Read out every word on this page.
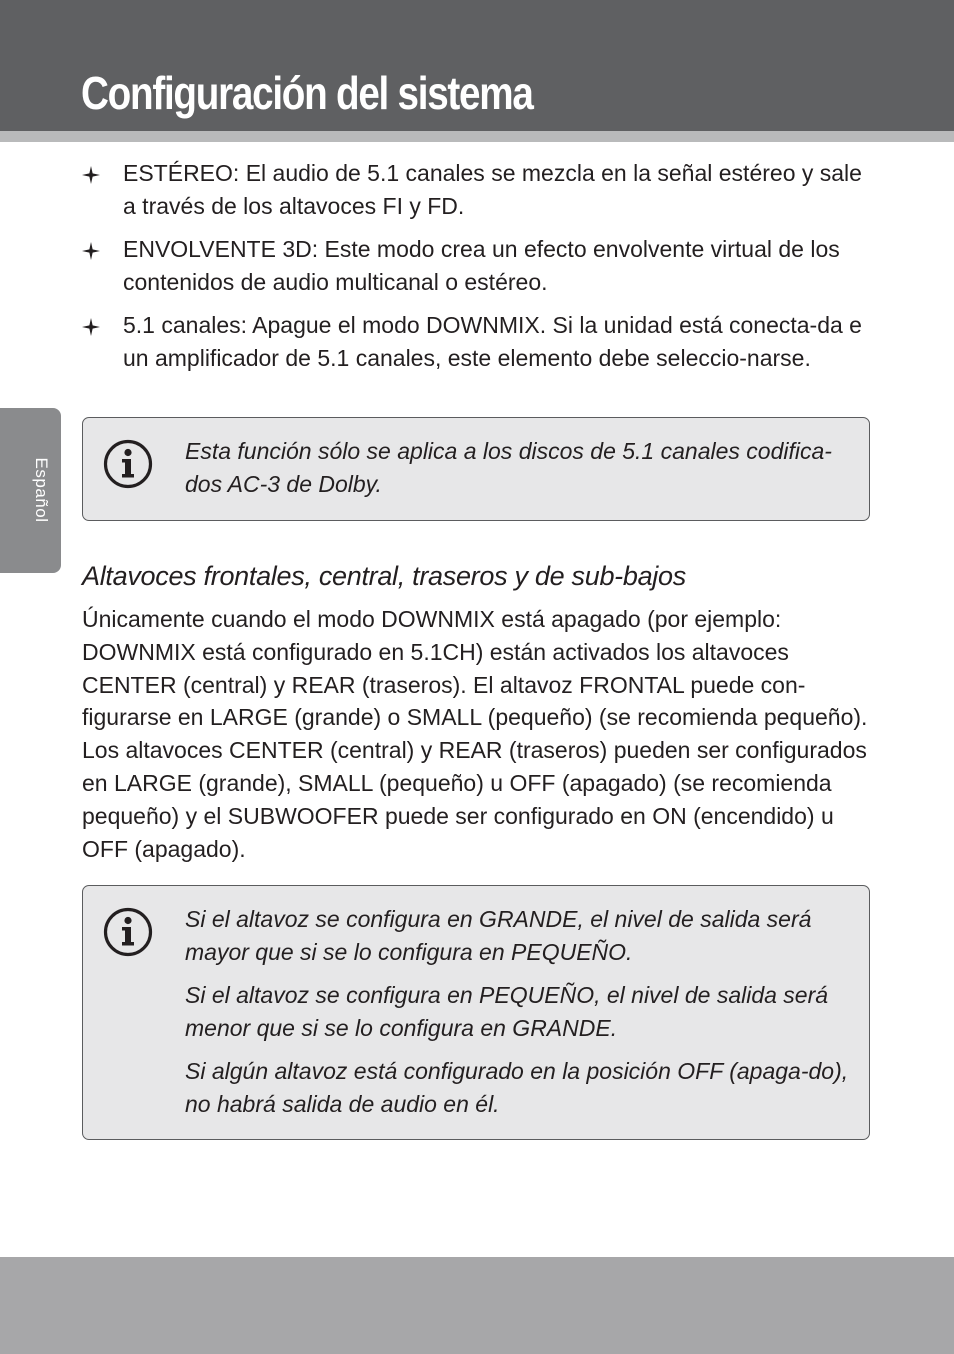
Configuración del sistema
Español
ESTÉREO: El audio de 5.1 canales se mezcla en la señal estéreo y sale a través de los altavoces FI y FD.
ENVOLVENTE 3D: Este modo crea un efecto envolvente virtual de los contenidos de audio multicanal o estéreo.
5.1 canales: Apague el modo DOWNMIX. Si la unidad está conecta-da e un amplificador de 5.1 canales, este elemento debe seleccio-narse.
Esta función sólo se aplica a los discos de 5.1 canales codifica-dos AC-3 de Dolby.
Altavoces frontales, central, traseros y de sub-bajos

Únicamente cuando el modo DOWNMIX está apagado (por ejemplo: DOWNMIX está configurado en 5.1CH) están activados los altavoces CENTER (central) y REAR (traseros). El altavoz FRONTAL puede con-figurarse en LARGE (grande) o SMALL (pequeño) (se recomienda pequeño). Los altavoces CENTER (central) y REAR (traseros) pueden ser configurados en LARGE (grande), SMALL (pequeño) u OFF (apagado) (se recomienda pequeño) y el SUBWOOFER puede ser configurado en ON (encendido) u OFF (apagado).

Si el altavoz se configura en GRANDE, el nivel de salida será mayor que si se lo configura en PEQUEÑO.

Si el altavoz se configura en PEQUEÑO, el nivel de salida será menor que si se lo configura en GRANDE.

Si algún altavoz está configurado en la posición OFF (apaga-do), no habrá salida de audio en él.
